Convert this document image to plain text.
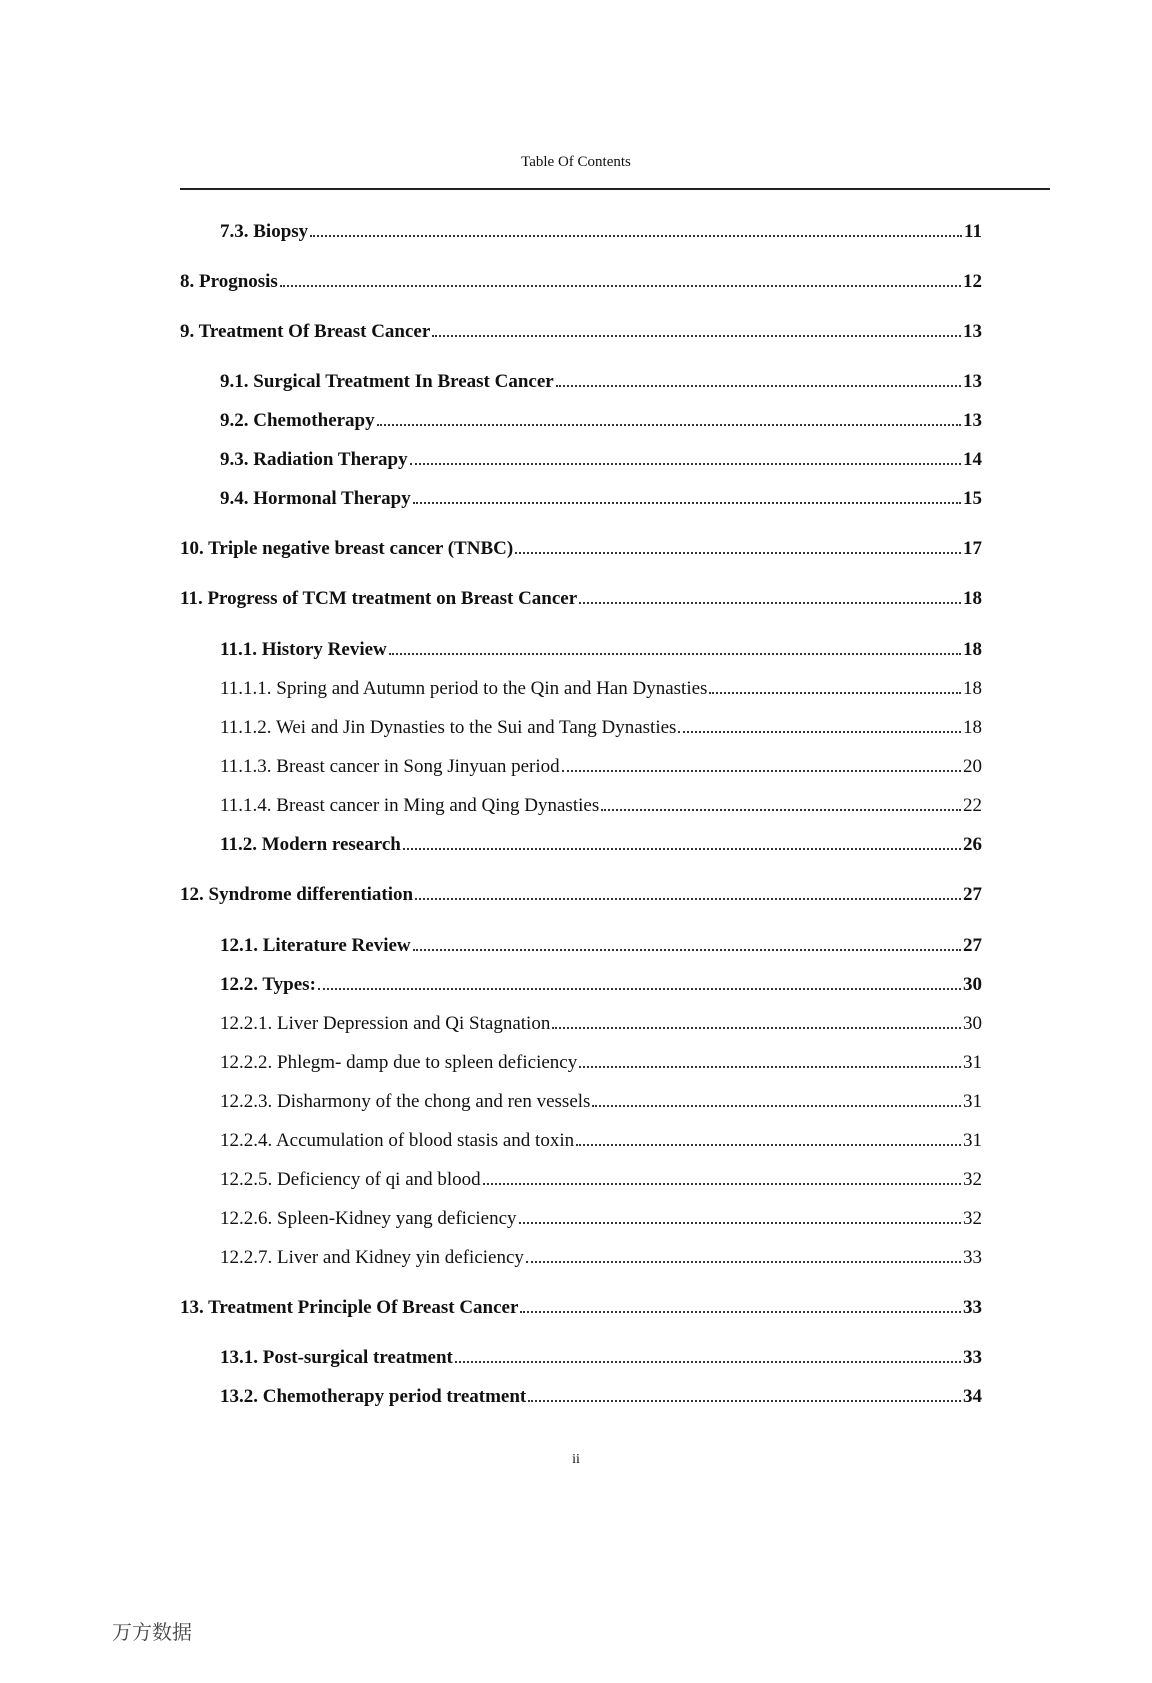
Table Of Contents
7.3. Biopsy	11
8. Prognosis	12
9. Treatment Of Breast Cancer	13
9.1. Surgical Treatment In Breast Cancer	13
9.2. Chemotherapy	13
9.3. Radiation Therapy	14
9.4. Hormonal Therapy	15
10. Triple negative breast cancer (TNBC)	17
11. Progress of TCM treatment on Breast Cancer	18
11.1. History Review	18
11.1.1. Spring and Autumn period to the Qin and Han Dynasties	18
11.1.2. Wei and Jin Dynasties to the Sui and Tang Dynasties	18
11.1.3. Breast cancer in Song Jinyuan period	20
11.1.4. Breast cancer in Ming and Qing Dynasties	22
11.2. Modern research	26
12. Syndrome differentiation	27
12.1. Literature Review	27
12.2. Types:	30
12.2.1. Liver Depression and Qi Stagnation	30
12.2.2. Phlegm- damp due to spleen deficiency	31
12.2.3. Disharmony of the chong and ren vessels	31
12.2.4. Accumulation of blood stasis and toxin	31
12.2.5. Deficiency of qi and blood	32
12.2.6. Spleen-Kidney yang deficiency	32
12.2.7. Liver and Kidney yin deficiency	33
13. Treatment Principle Of Breast Cancer	33
13.1. Post-surgical treatment	33
13.2. Chemotherapy period treatment	34
ii
万方数据
